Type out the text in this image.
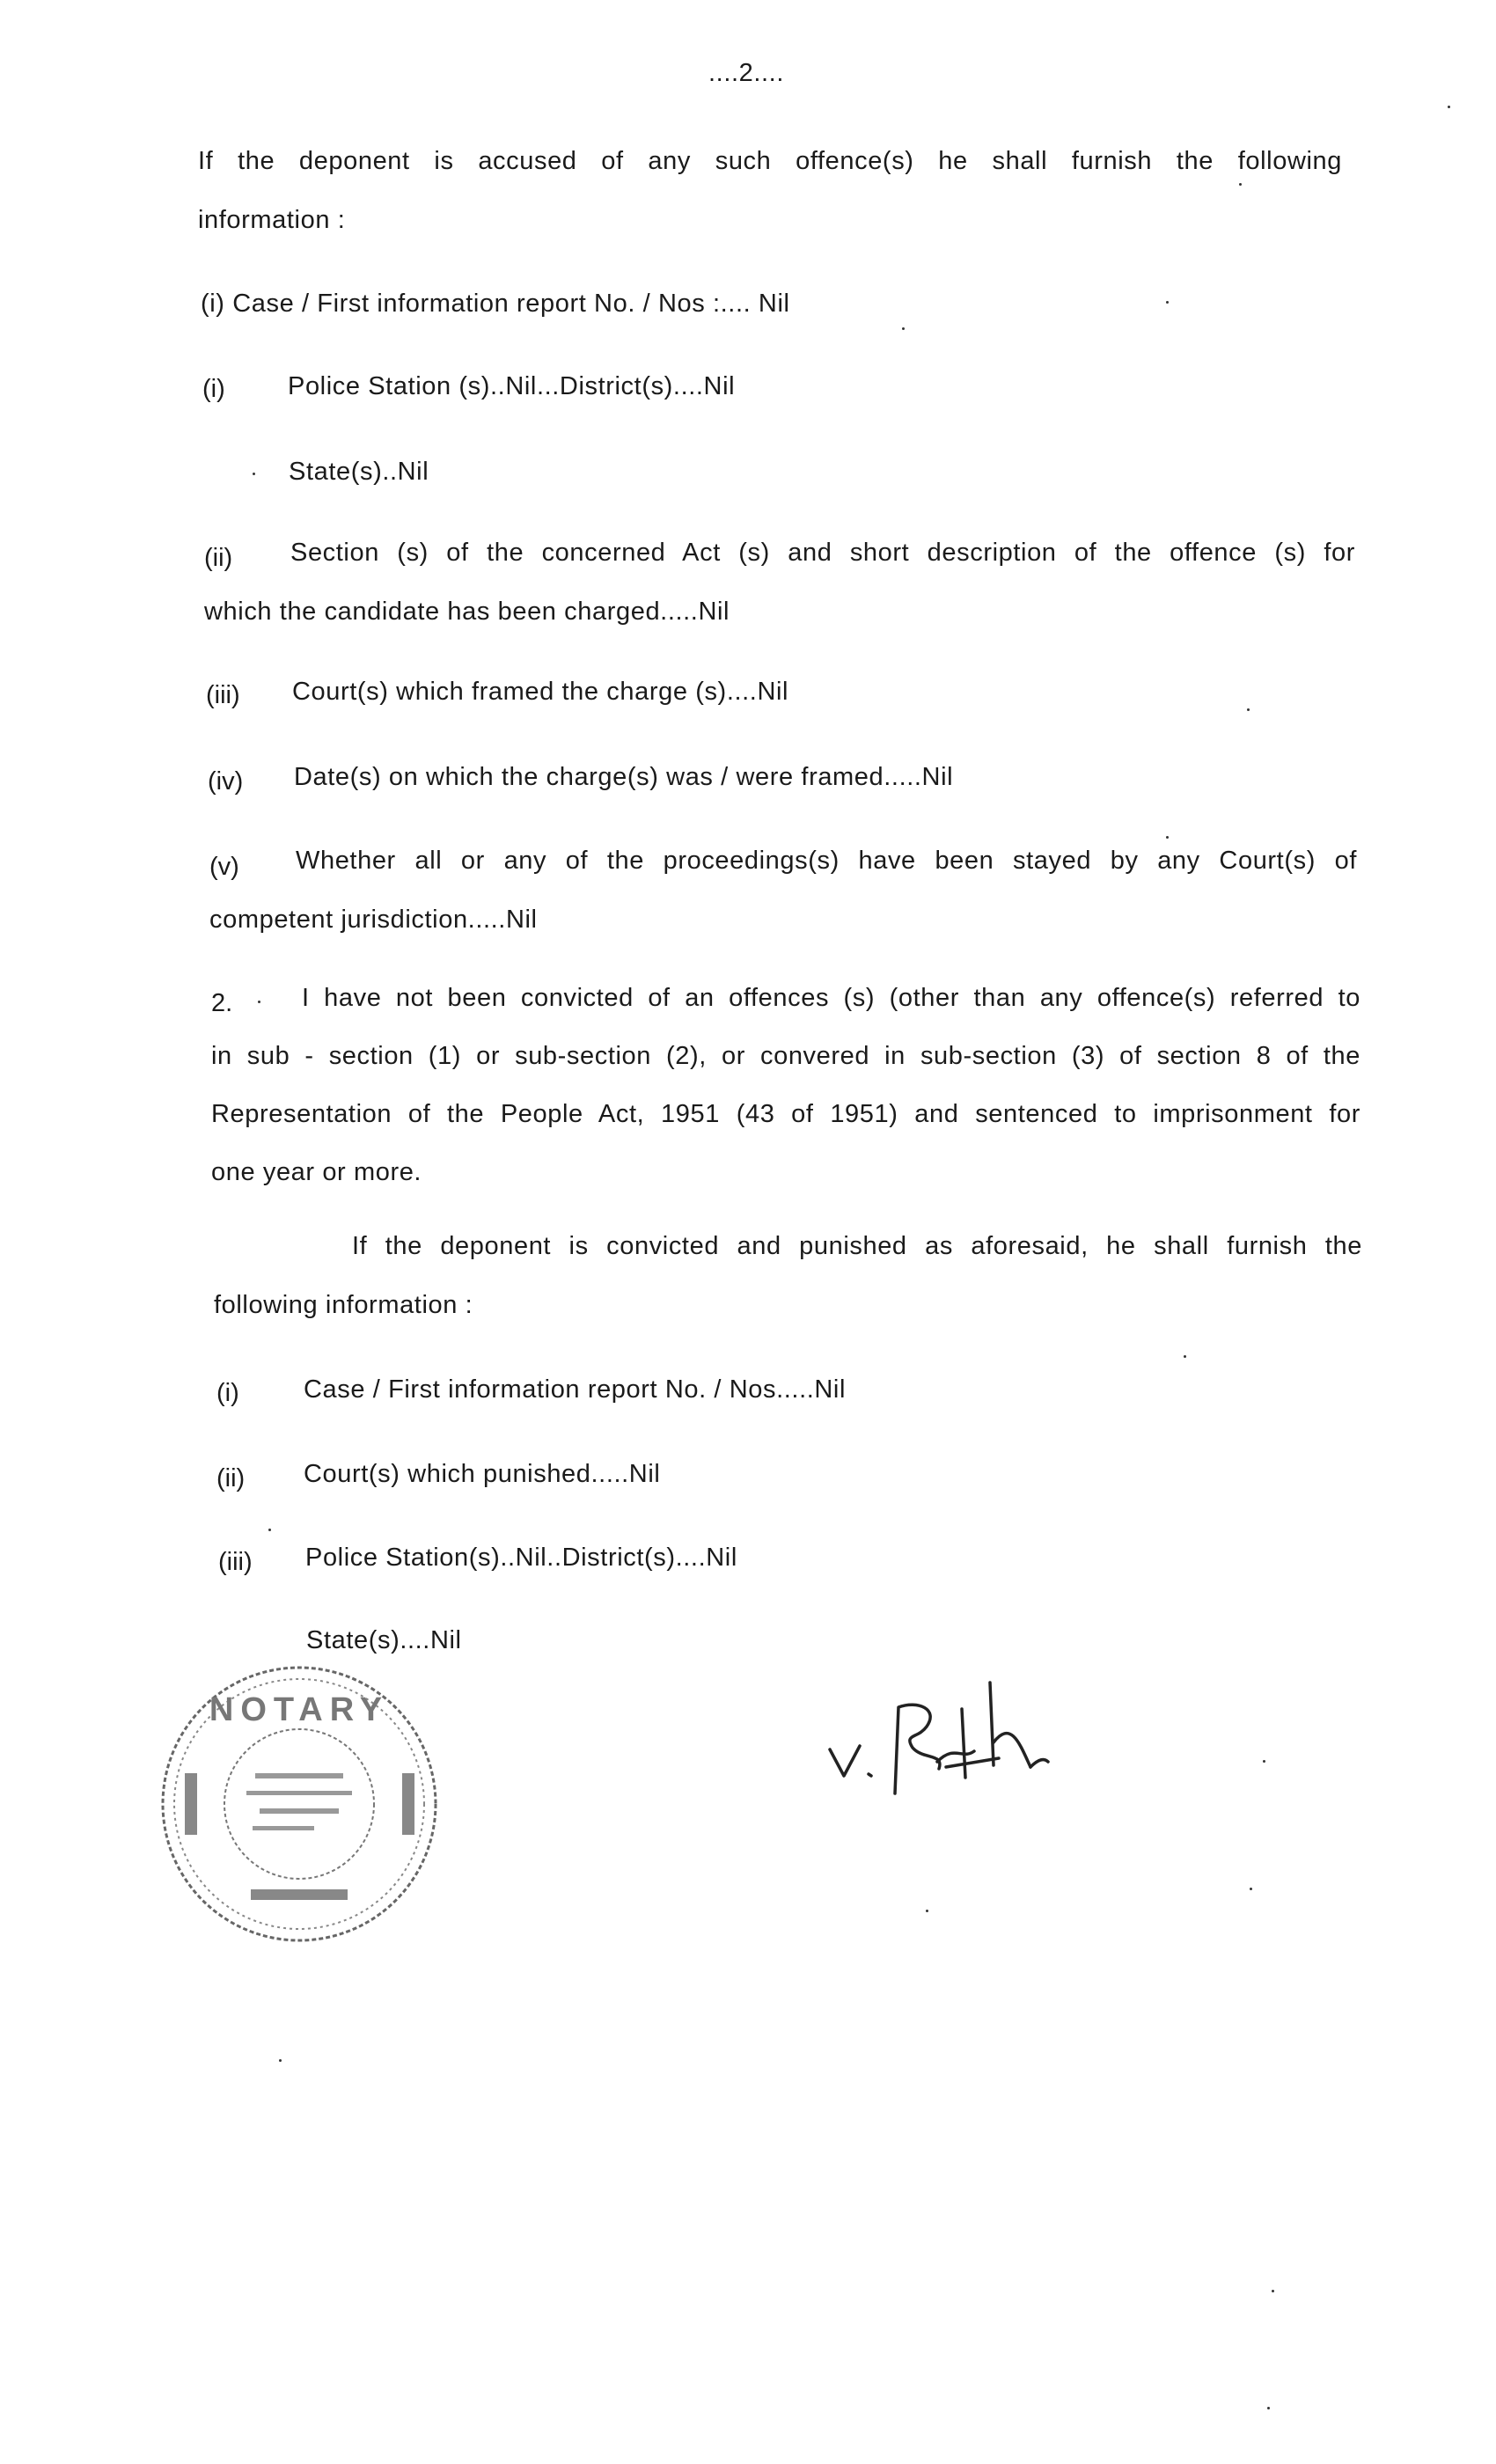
....2....
If the deponent is accused of any such offence(s) he shall furnish the following
information :
(i) Case / First information report No. / Nos :.... Nil
(i) Police Station (s)..Nil...District(s)....Nil
State(s)..Nil
(ii) Section (s) of the concerned Act (s) and short description of the offence (s) for
which the candidate has been charged.....Nil
(iii) Court(s) which framed the charge (s)....Nil
(iv) Date(s) on which the charge(s) was / were framed.....Nil
(v) Whether all or any of the proceedings(s) have been stayed by any Court(s) of
competent jurisdiction.....Nil
2.	I have not been convicted of an offences (s) (other than any offence(s) referred to
in sub - section (1) or sub-section (2), or convered in sub-section (3) of section 8 of the
Representation of the People Act, 1951 (43 of 1951) and sentenced to imprisonment for
one year or more.
If the deponent is convicted and punished as aforesaid, he shall furnish the
following information :
(i)	Case / First information report No. / Nos.....Nil
(ii) Court(s) which punished.....Nil
(iii) Police Station(s)..Nil..District(s)....Nil
State(s)....Nil
NOTARY
